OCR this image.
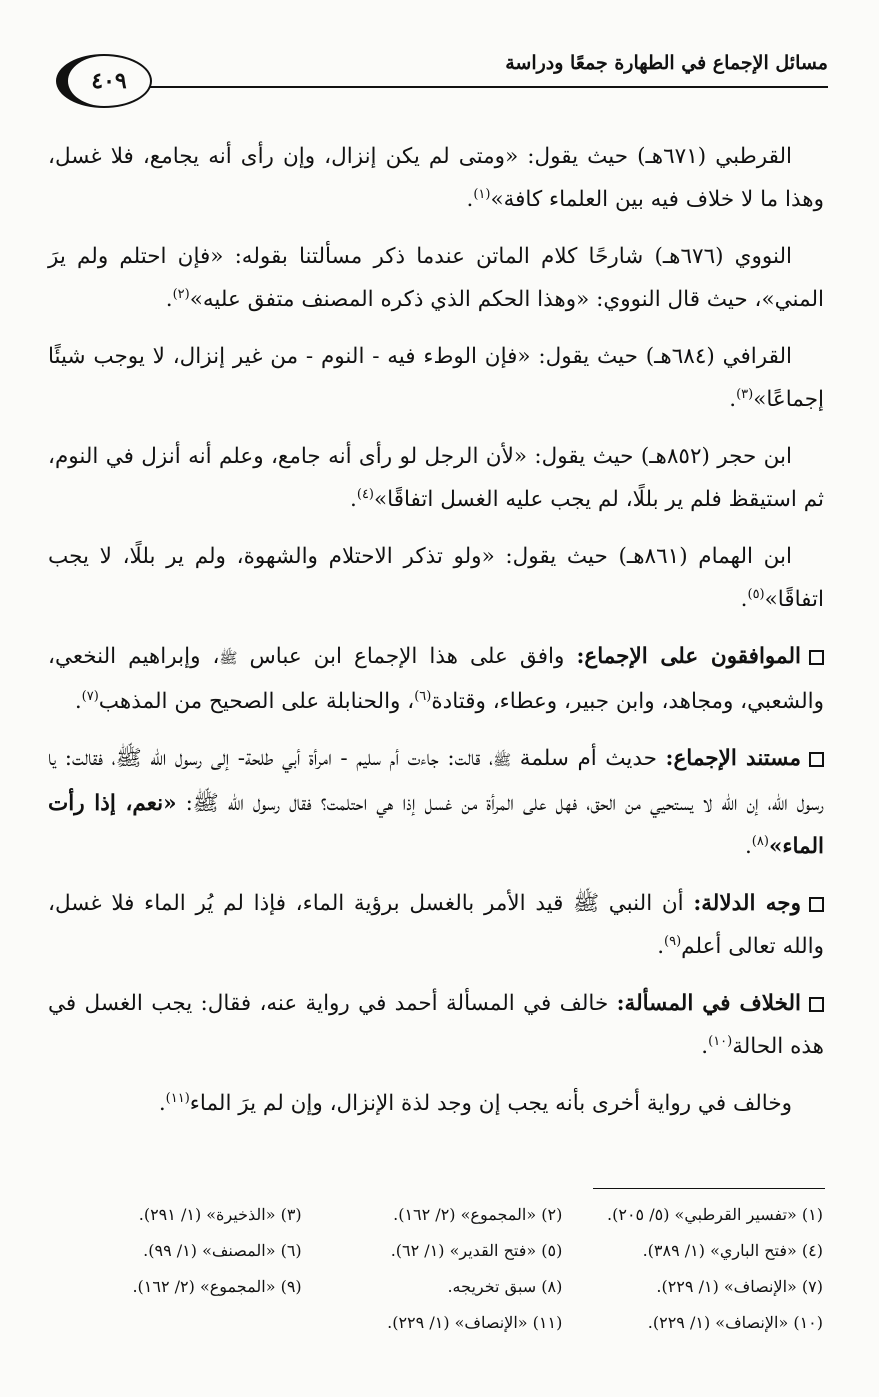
مسائل الإجماع في الطهارة جمعًا ودراسة
٤٠٩

القرطبي (٦٧١هـ) حيث يقول: «ومتى لم يكن إنزال، وإن رأى أنه يجامع، فلا غسل، وهذا ما لا خلاف فيه بين العلماء كافة»$^{(١)}$.

النووي (٦٧٦هـ) شارحًا كلام الماتن عندما ذكر مسألتنا بقوله: «فإن احتلم ولم يرَ المني»، حيث قال النووي: «وهذا الحكم الذي ذكره المصنف متفق عليه»$^{(٢)}$.

القرافي (٦٨٤هـ) حيث يقول: «فإن الوطء فيه - النوم - من غير إنزال، لا يوجب شيئًا إجماعًا»$^{(٣)}$.

ابن حجر (٨٥٢هـ) حيث يقول: «لأن الرجل لو رأى أنه جامع، وعلم أنه أنزل في النوم، ثم استيقظ فلم ير بللًا، لم يجب عليه الغسل اتفاقًا»$^{(٤)}$.

ابن الهمام (٨٦١هـ) حيث يقول: «ولو تذكر الاحتلام والشهوة، ولم ير بللًا، لا يجب اتفاقًا»$^{(٥)}$.

الموافقون على الإجماع: وافق على هذا الإجماع ابن عباس ﷺ، وإبراهيم النخعي، والشعبي، ومجاهد، وابن جبير، وعطاء، وقتادة$^{(٦)}$، والحنابلة على الصحيح من المذهب$^{(٧)}$.

مستند الإجماع: حديث أم سلمة ﷺ، قالت: جاءت أم سليم - امرأة أبي طلحة- إلى رسول الله ﷺ، فقالت: يا رسول الله، إن الله لا يستحيي من الحق، فهل على المرأة من غسل إذا هي احتلمت؟ فقال رسول الله ﷺ: «نعم، إذا رأت الماء»$^{(٨)}$.

وجه الدلالة: أن النبي ﷺ قيد الأمر بالغسل برؤية الماء، فإذا لم يُر الماء فلا غسل، والله تعالى أعلم$^{(٩)}$.

الخلاف في المسألة: خالف في المسألة أحمد في رواية عنه، فقال: يجب الغسل في هذه الحالة$^{(١٠)}$.

وخالف في رواية أخرى بأنه يجب إن وجد لذة الإنزال، وإن لم يرَ الماء$^{(١١)}$.

(١) «تفسير القرطبي» (٥/ ٢٠٥).
(٢) «المجموع» (٢/ ١٦٢).
(٣) «الذخيرة» (١/ ٢٩١).
(٤) «فتح الباري» (١/ ٣٨٩).
(٥) «فتح القدير» (١/ ٦٢).
(٦) «المصنف» (١/ ٩٩).
(٧) «الإنصاف» (١/ ٢٢٩).
(٨) سبق تخريجه.
(٩) «المجموع» (٢/ ١٦٢).
(١٠) «الإنصاف» (١/ ٢٢٩).
(١١) «الإنصاف» (١/ ٢٢٩).
